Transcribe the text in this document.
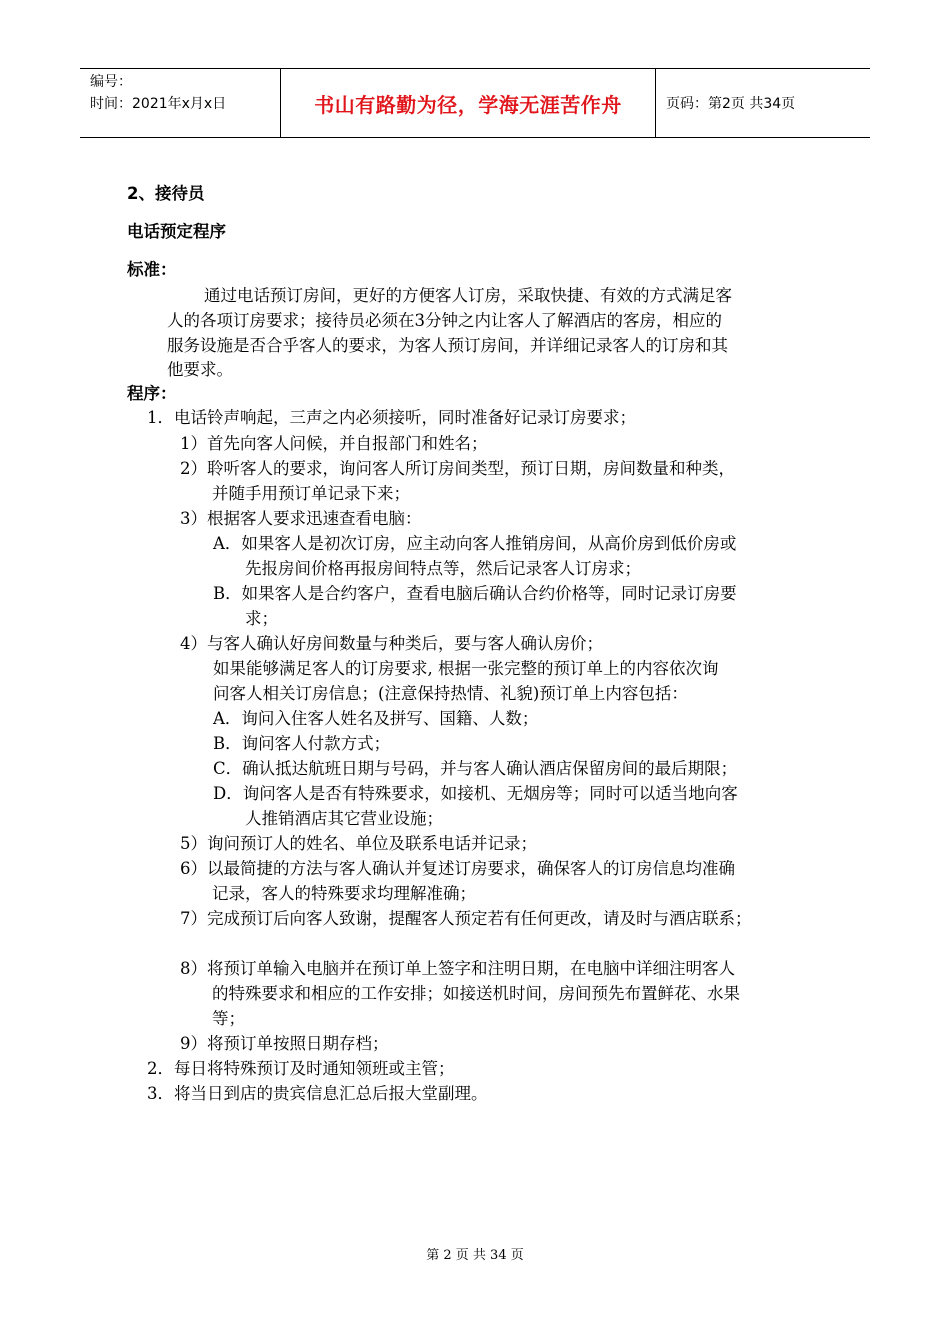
编号：
时间：2021年x月x日	书山有路勤为径，学海无涯苦作舟	页码：第2页 共34页
2、接待员
电话预定程序
标准：
通过电话预订房间，更好的方便客人订房，采取快捷、有效的方式满足客
人的各项订房要求；接待员必须在3分钟之内让客人了解酒店的客房，相应的
服务设施是否合乎客人的要求，为客人预订房间，并详细记录客人的订房和其
他要求。
程序：
1．电话铃声响起，三声之内必须接听，同时准备好记录订房要求；
1）首先向客人问候，并自报部门和姓名；
2）聆听客人的要求，询问客人所订房间类型，预订日期，房间数量和种类，
并随手用预订单记录下来；
3）根据客人要求迅速查看电脑：
A．如果客人是初次订房，应主动向客人推销房间，从高价房到低价房或
先报房间价格再报房间特点等，然后记录客人订房求；
B．如果客人是合约客户，查看电脑后确认合约价格等，同时记录订房要
求；
4）与客人确认好房间数量与种类后，要与客人确认房价；
如果能够满足客人的订房要求, 根据一张完整的预订单上的内容依次询
问客人相关订房信息；(注意保持热情、礼貌)预订单上内容包括：
A．询问入住客人姓名及拼写、国籍、人数；
B．询问客人付款方式；
C．确认抵达航班日期与号码，并与客人确认酒店保留房间的最后期限；
D．询问客人是否有特殊要求，如接机、无烟房等；同时可以适当地向客
人推销酒店其它营业设施；
5）询问预订人的姓名、单位及联系电话并记录；
6）以最简捷的方法与客人确认并复述订房要求，确保客人的订房信息均准确
记录，客人的特殊要求均理解准确；
7）完成预订后向客人致谢，提醒客人预定若有任何更改，请及时与酒店联系；
8）将预订单输入电脑并在预订单上签字和注明日期，在电脑中详细注明客人
的特殊要求和相应的工作安排；如接送机时间，房间预先布置鲜花、水果
等；
9）将预订单按照日期存档；
2．每日将特殊预订及时通知领班或主管；
3．将当日到店的贵宾信息汇总后报大堂副理。
第 2 页 共 34 页
